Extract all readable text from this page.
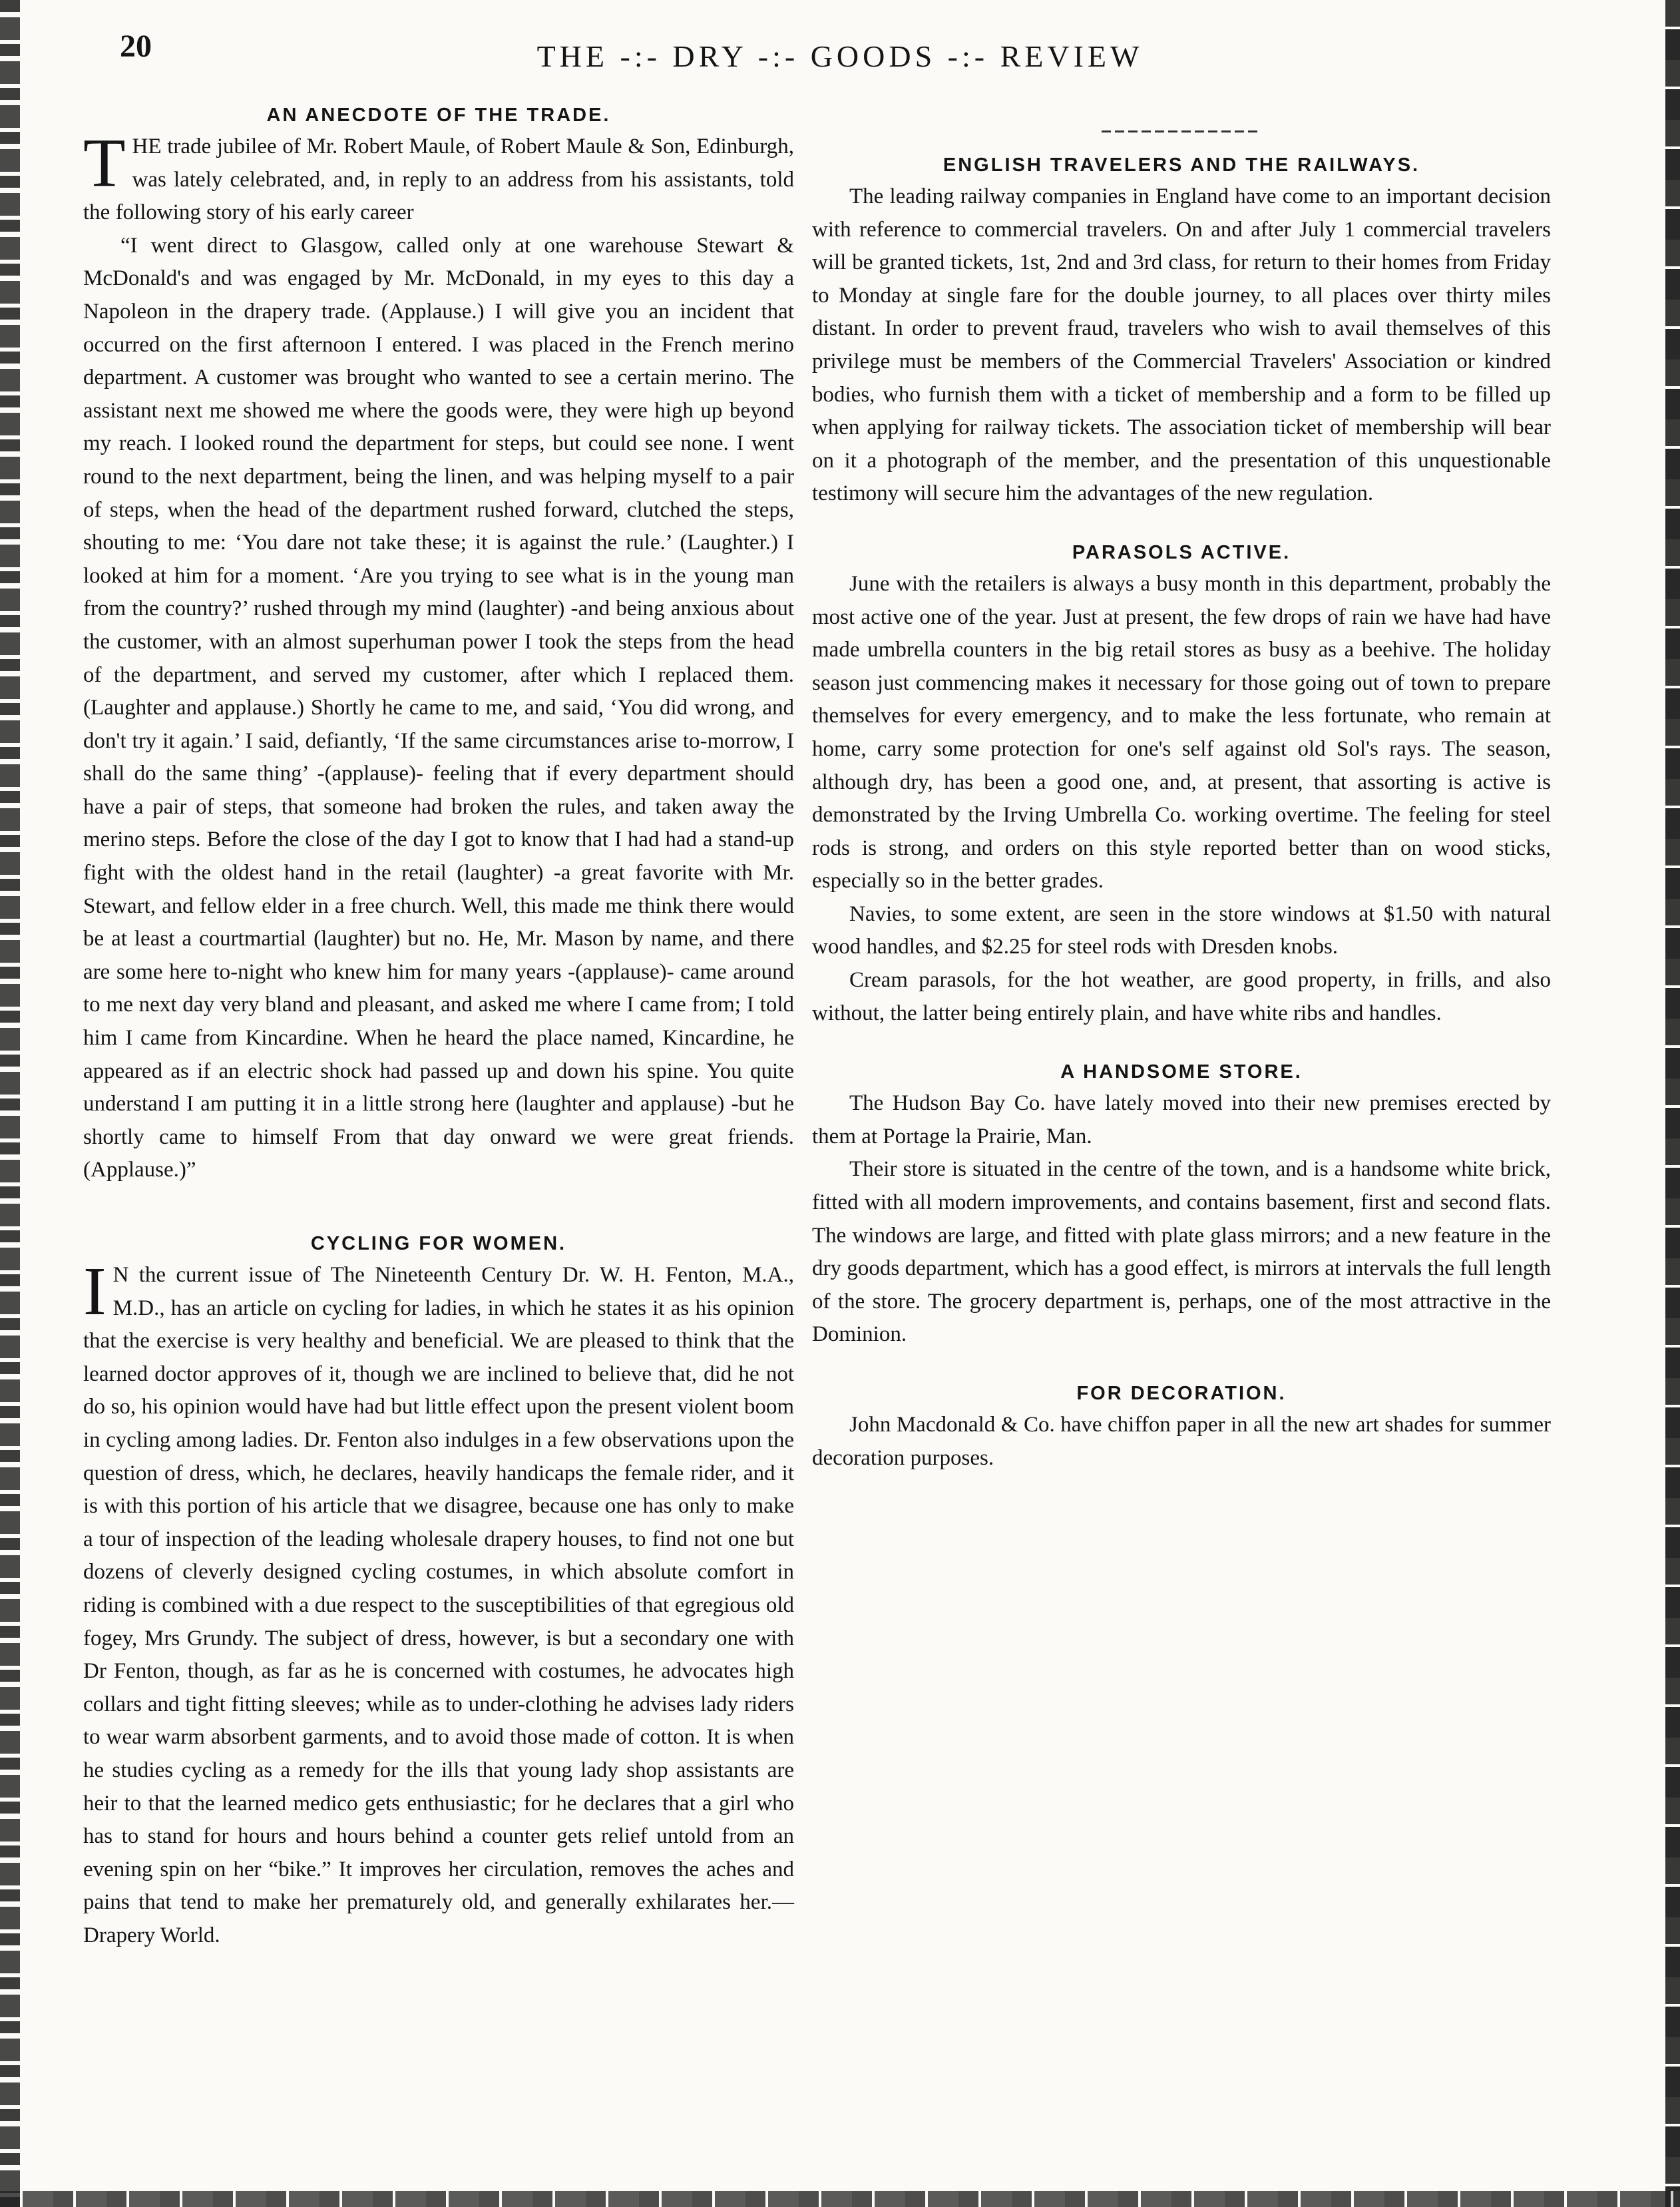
20	THE -:- DRY -:- GOODS -:- REVIEW
AN ANECDOTE OF THE TRADE.

THE trade jubilee of Mr. Robert Maule, of Robert Maule & Son, Edinburgh, was lately celebrated, and, in reply to an address from his assistants, told the following story of his early career

“I went direct to Glasgow, called only at one warehouse Stewart & McDonald's and was engaged by Mr. McDonald, in my eyes to this day a Napoleon in the drapery trade. (Applause.) I will give you an incident that occurred on the first afternoon I entered. I was placed in the French merino department. A customer was brought who wanted to see a certain merino. The assistant next me showed me where the goods were, they were high up beyond my reach. I looked round the department for steps, but could see none. I went round to the next department, being the linen, and was helping myself to a pair of steps, when the head of the department rushed forward, clutched the steps, shouting to me: ‘You dare not take these; it is against the rule.’ (Laughter.) I looked at him for a moment. ‘Are you trying to see what is in the young man from the country?’ rushed through my mind (laughter) -and being anxious about the customer, with an almost superhuman power I took the steps from the head of the department, and served my customer, after which I replaced them. (Laughter and applause.) Shortly he came to me, and said, ‘You did wrong, and don't try it again.’ I said, defiantly, ‘If the same circumstances arise to-morrow, I shall do the same thing’ -(applause)- feeling that if every department should have a pair of steps, that someone had broken the rules, and taken away the merino steps. Before the close of the day I got to know that I had had a stand-up fight with the oldest hand in the retail (laughter) -a great favorite with Mr. Stewart, and fellow elder in a free church. Well, this made me think there would be at least a courtmartial (laughter) but no. He, Mr. Mason by name, and there are some here to-night who knew him for many years -(applause)- came around to me next day very bland and pleasant, and asked me where I came from; I told him I came from Kincardine. When he heard the place named, Kincardine, he appeared as if an electric shock had passed up and down his spine. You quite understand I am putting it in a little strong here (laughter and applause) -but he shortly came to himself From that day onward we were great friends. (Applause.)”

CYCLING FOR WOMEN.

IN the current issue of The Nineteenth Century Dr. W. H. Fenton, M.A., M.D., has an article on cycling for ladies, in which he states it as his opinion that the exercise is very healthy and beneficial. We are pleased to think that the learned doctor approves of it, though we are inclined to believe that, did he not do so, his opinion would have had but little effect upon the present violent boom in cycling among ladies. Dr. Fenton also indulges in a few observations upon the question of dress, which, he declares, heavily handicaps the female rider, and it is with this portion of his article that we disagree, because one has only to make a tour of inspection of the leading wholesale drapery houses, to find not one but dozens of cleverly designed cycling costumes, in which absolute comfort in riding is combined with a due respect to the susceptibilities of that egregious old fogey, Mrs Grundy. The subject of dress, however, is but a secondary one with Dr Fenton, though, as far as he is concerned with costumes, he advocates high collars and tight fitting sleeves; while as to under-clothing he advises lady riders to wear warm absorbent garments, and to avoid those made of cotton. It is when he studies cycling as a remedy for the ills that young lady shop assistants are heir to that the learned medico gets enthusiastic; for he declares that a girl who has to stand for hours and hours behind a counter gets relief untold from an evening spin on her “bike.” It improves her circulation, removes the aches and pains that tend to make her prematurely old, and generally exhilarates her.—Drapery World.

ENGLISH TRAVELERS AND THE RAILWAYS.

The leading railway companies in England have come to an important decision with reference to commercial travelers. On and after July 1 commercial travelers will be granted tickets, 1st, 2nd and 3rd class, for return to their homes from Friday to Monday at single fare for the double journey, to all places over thirty miles distant. In order to prevent fraud, travelers who wish to avail themselves of this privilege must be members of the Commercial Travelers' Association or kindred bodies, who furnish them with a ticket of membership and a form to be filled up when applying for railway tickets. The association ticket of membership will bear on it a photograph of the member, and the presentation of this unquestionable testimony will secure him the advantages of the new regulation.

PARASOLS ACTIVE.

June with the retailers is always a busy month in this department, probably the most active one of the year. Just at present, the few drops of rain we have had have made umbrella counters in the big retail stores as busy as a beehive. The holiday season just commencing makes it necessary for those going out of town to prepare themselves for every emergency, and to make the less fortunate, who remain at home, carry some protection for one's self against old Sol's rays. The season, although dry, has been a good one, and, at present, that assorting is active is demonstrated by the Irving Umbrella Co. working overtime. The feeling for steel rods is strong, and orders on this style reported better than on wood sticks, especially so in the better grades.

Navies, to some extent, are seen in the store windows at $1.50 with natural wood handles, and $2.25 for steel rods with Dresden knobs.

Cream parasols, for the hot weather, are good property, in frills, and also without, the latter being entirely plain, and have white ribs and handles.

A HANDSOME STORE.

The Hudson Bay Co. have lately moved into their new premises erected by them at Portage la Prairie, Man.

Their store is situated in the centre of the town, and is a handsome white brick, fitted with all modern improvements, and contains basement, first and second flats. The windows are large, and fitted with plate glass mirrors; and a new feature in the dry goods department, which has a good effect, is mirrors at intervals the full length of the store. The grocery department is, perhaps, one of the most attractive in the Dominion.

FOR DECORATION.

John Macdonald & Co. have chiffon paper in all the new art shades for summer decoration purposes.
